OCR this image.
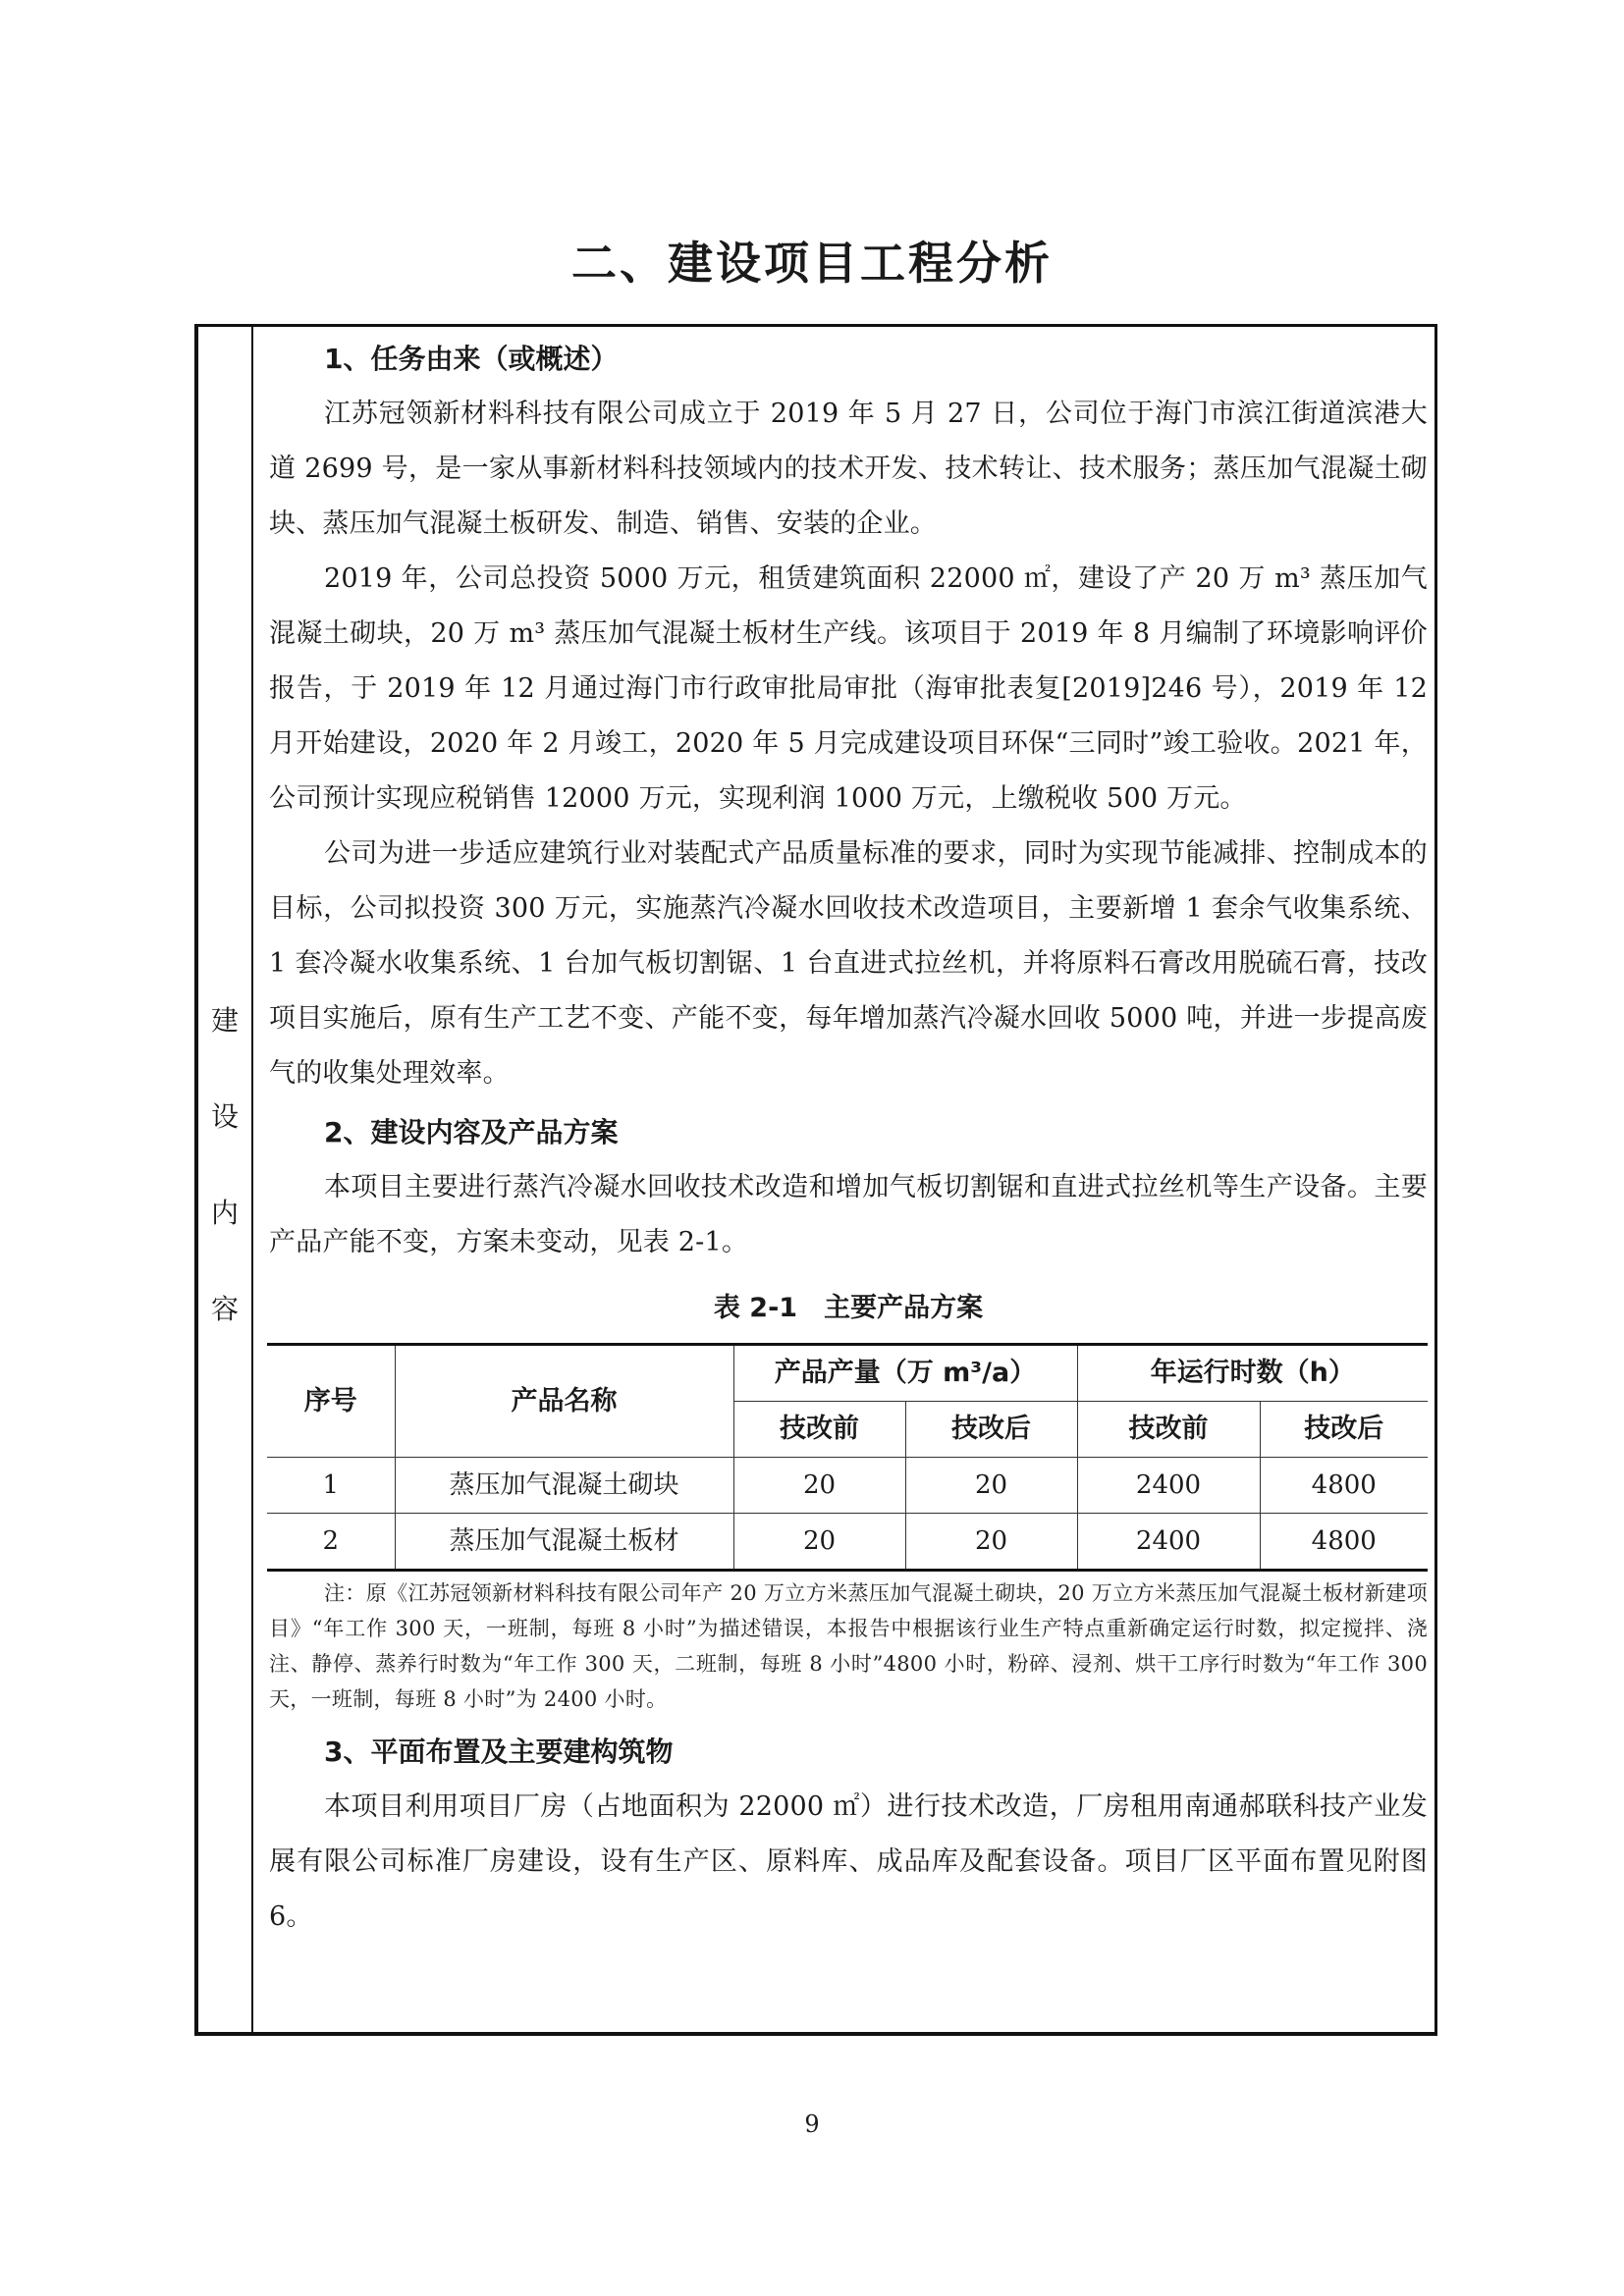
二、建设项目工程分析
建
设
内
容

1、任务由来（或概述）

江苏冠领新材料科技有限公司成立于 2019 年 5 月 27 日，公司位于海门市滨江街道滨港大道 2699 号，是一家从事新材料科技领域内的技术开发、技术转让、技术服务；蒸压加气混凝土砌块、蒸压加气混凝土板研发、制造、销售、安装的企业。

2019 年，公司总投资 5000 万元，租赁建筑面积 22000 ㎡，建设了产 20 万 m³ 蒸压加气混凝土砌块，20 万 m³ 蒸压加气混凝土板材生产线。该项目于 2019 年 8 月编制了环境影响评价报告，于 2019 年 12 月通过海门市行政审批局审批（海审批表复[2019]246 号），2019 年 12 月开始建设，2020 年 2 月竣工，2020 年 5 月完成建设项目环保“三同时”竣工验收。2021 年，公司预计实现应税销售 12000 万元，实现利润 1000 万元，上缴税收 500 万元。

公司为进一步适应建筑行业对装配式产品质量标准的要求，同时为实现节能减排、控制成本的目标，公司拟投资 300 万元，实施蒸汽冷凝水回收技术改造项目，主要新增 1 套余气收集系统、1 套冷凝水收集系统、1 台加气板切割锯、1 台直进式拉丝机，并将原料石膏改用脱硫石膏，技改项目实施后，原有生产工艺不变、产能不变，每年增加蒸汽冷凝水回收 5000 吨，并进一步提高废气的收集处理效率。

2、建设内容及产品方案

本项目主要进行蒸汽冷凝水回收技术改造和增加气板切割锯和直进式拉丝机等生产设备。主要产品产能不变，方案未变动，见表 2-1。

表 2-1　主要产品方案
序号	产品名称	产品产量（万 m³/a）		年运行时数（h）	
		技改前	技改后	技改前	技改后
1	蒸压加气混凝土砌块	20	20	2400	4800
2	蒸压加气混凝土板材	20	20	2400	4800

注：原《江苏冠领新材料科技有限公司年产 20 万立方米蒸压加气混凝土砌块，20 万立方米蒸压加气混凝土板材新建项目》“年工作 300 天，一班制，每班 8 小时”为描述错误，本报告中根据该行业生产特点重新确定运行时数，拟定搅拌、浇注、静停、蒸养行时数为“年工作 300 天，二班制，每班 8 小时”4800 小时，粉碎、浸剂、烘干工序行时数为“年工作 300 天，一班制，每班 8 小时”为 2400 小时。

3、平面布置及主要建构筑物

本项目利用项目厂房（占地面积为 22000 ㎡）进行技术改造，厂房租用南通郝联科技产业发展有限公司标准厂房建设，设有生产区、原料库、成品库及配套设备。项目厂区平面布置见附图 6。

9
